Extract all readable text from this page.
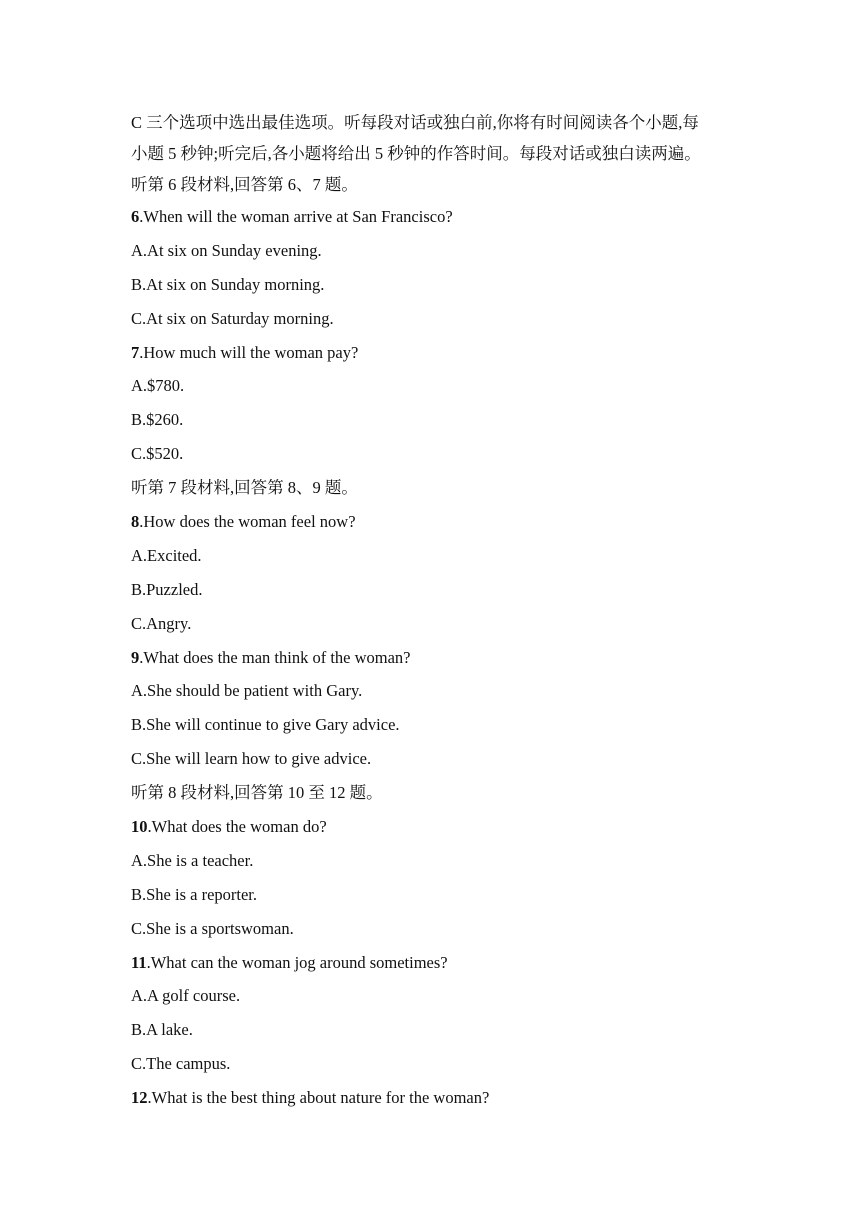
C 三个选项中选出最佳选项。听每段对话或独白前,你将有时间阅读各个小题,每

小题 5 秒钟;听完后,各小题将给出 5 秒钟的作答时间。每段对话或独白读两遍。

听第 6 段材料,回答第 6、7 题。

6.When will the woman arrive at San Francisco?

A.At six on Sunday evening.

B.At six on Sunday morning.

C.At six on Saturday morning.

7.How much will the woman pay?

A.$780.

B.$260.

C.$520.

听第 7 段材料,回答第 8、9 题。

8.How does the woman feel now?

A.Excited.

B.Puzzled.

C.Angry.

9.What does the man think of the woman?

A.She should be patient with Gary.

B.She will continue to give Gary advice.

C.She will learn how to give advice.

听第 8 段材料,回答第 10 至 12 题。

10.What does the woman do?

A.She is a teacher.

B.She is a reporter.

C.She is a sportswoman.

11.What can the woman jog around sometimes?

A.A golf course.

B.A lake.

C.The campus.

12.What is the best thing about nature for the woman?
